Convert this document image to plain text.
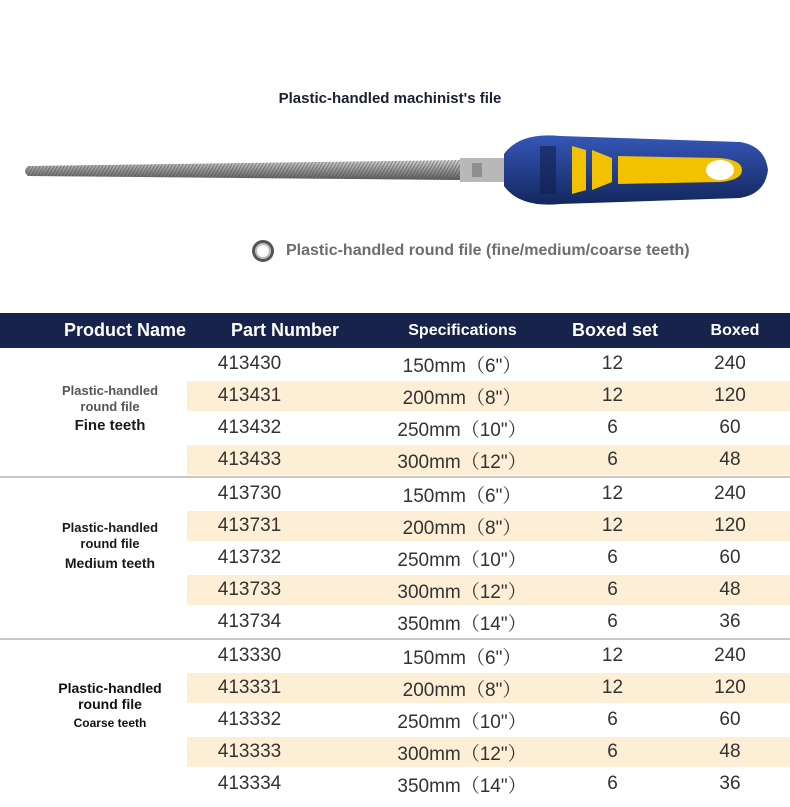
Plastic-handled machinist's file
Plastic-handled round file (fine/medium/coarse teeth)
Product Name	Part Number	Specifications	Boxed set	Boxed
Plastic-handled
round file
Fine teeth
413430	150mm（6"）	12	240
413431	200mm（8"）	12	120
413432	250mm（10"）	6	60
413433	300mm（12"）	6	48
Plastic-handled
round file
Medium teeth
413730	150mm（6"）	12	240
413731	200mm（8"）	12	120
413732	250mm（10"）	6	60
413733	300mm（12"）	6	48
413734	350mm（14"）	6	36
Plastic-handled
round file
Coarse teeth
413330	150mm（6"）	12	240
413331	200mm（8"）	12	120
413332	250mm（10"）	6	60
413333	300mm（12"）	6	48
413334	350mm（14"）	6	36
